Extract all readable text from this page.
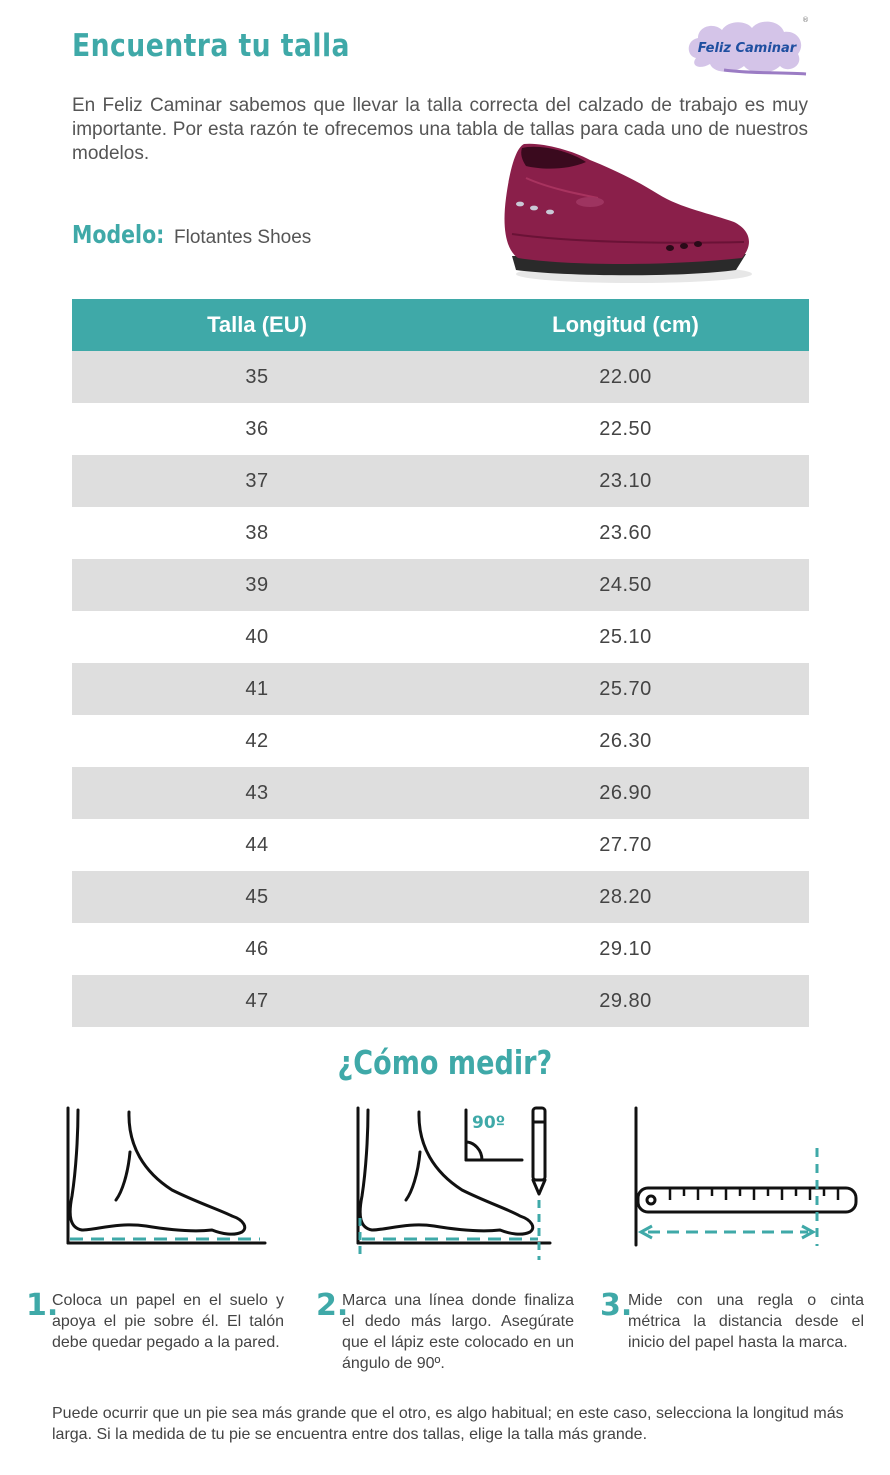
Encuentra tu talla	Feliz Caminar
®
En Feliz Caminar sabemos que llevar la talla correcta del calzado de trabajo es muy importante. Por esta razón te ofrecemos una tabla de tallas para cada uno de nuestros modelos.
Modelo: Flotantes Shoes
Talla (EU)	Longitud (cm)
35	22.00
36	22.50
37	23.10
38	23.60
39	24.50
40	25.10
41	25.70
42	26.30
43	26.90
44	27.70
45	28.20
46	29.10
47	29.80
¿Cómo medir?
90º
1.
Coloca un papel en el suelo y apoya el pie sobre él. El talón debe quedar pegado a la pared.
2.
Marca una línea donde finaliza el dedo más largo. Asegúrate que el lápiz este colocado en un ángulo de 90º.
3.
Mide con una regla o cinta métrica la distancia desde el inicio del papel hasta la marca.
Puede ocurrir que un pie sea más grande que el otro, es algo habitual; en este caso, selecciona la longitud más larga. Si la medida de tu pie se encuentra entre dos tallas, elige la talla más grande.
